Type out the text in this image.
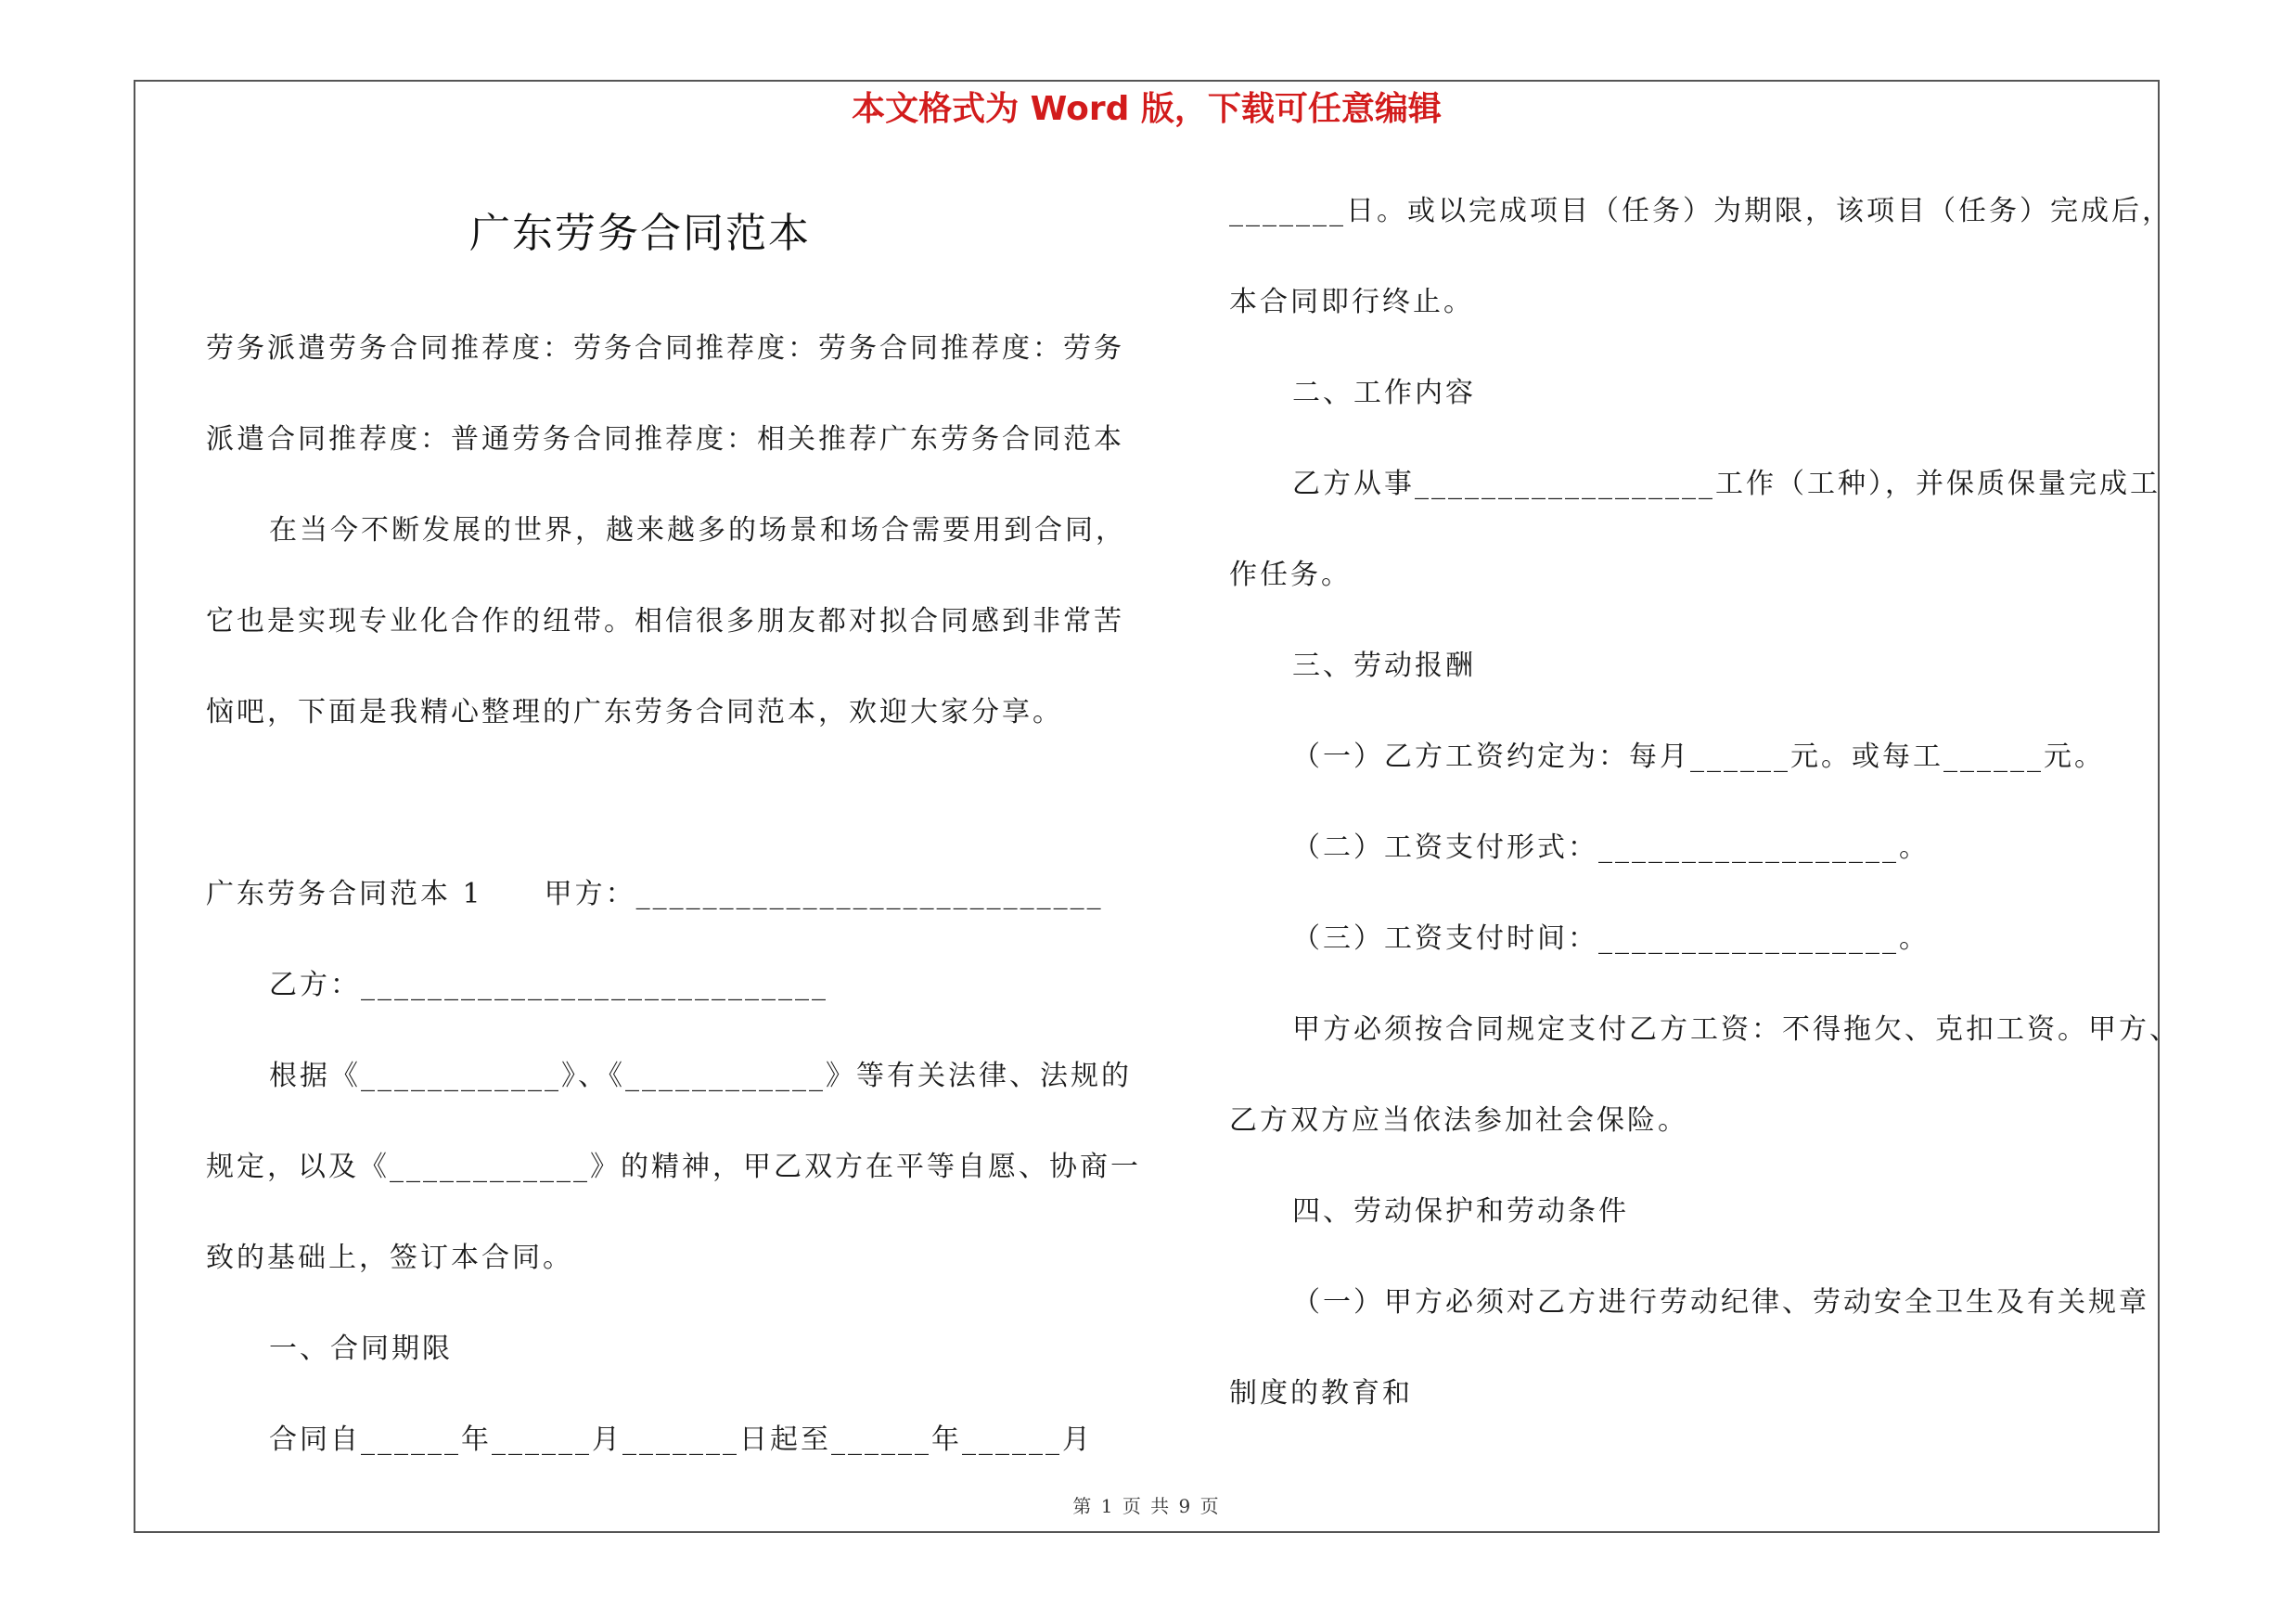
本文格式为 Word 版，下载可任意编辑
广东劳务合同范本
劳务派遣劳务合同推荐度：劳务合同推荐度：劳务合同推荐度：劳务
派遣合同推荐度：普通劳务合同推荐度：相关推荐广东劳务合同范本
在当今不断发展的世界，越来越多的场景和场合需要用到合同，
它也是实现专业化合作的纽带。相信很多朋友都对拟合同感到非常苦
恼吧，下面是我精心整理的广东劳务合同范本，欢迎大家分享。
广东劳务合同范本 1　　甲方：____________________________
乙方：____________________________
根据《____________》、《____________》等有关法律、法规的
规定，以及《____________》的精神，甲乙双方在平等自愿、协商一
致的基础上，签订本合同。
一、合同期限
合同自______年______月_______日起至______年______月
_______日。或以完成项目（任务）为期限，该项目（任务）完成后，
本合同即行终止。
二、工作内容
乙方从事__________________工作（工种），并保质保量完成工
作任务。
三、劳动报酬
（一）乙方工资约定为：每月______元。或每工______元。
（二）工资支付形式：__________________。
（三）工资支付时间：__________________。
甲方必须按合同规定支付乙方工资：不得拖欠、克扣工资。甲方、
乙方双方应当依法参加社会保险。
四、劳动保护和劳动条件
（一）甲方必须对乙方进行劳动纪律、劳动安全卫生及有关规章
制度的教育和
第 1 页 共 9 页
